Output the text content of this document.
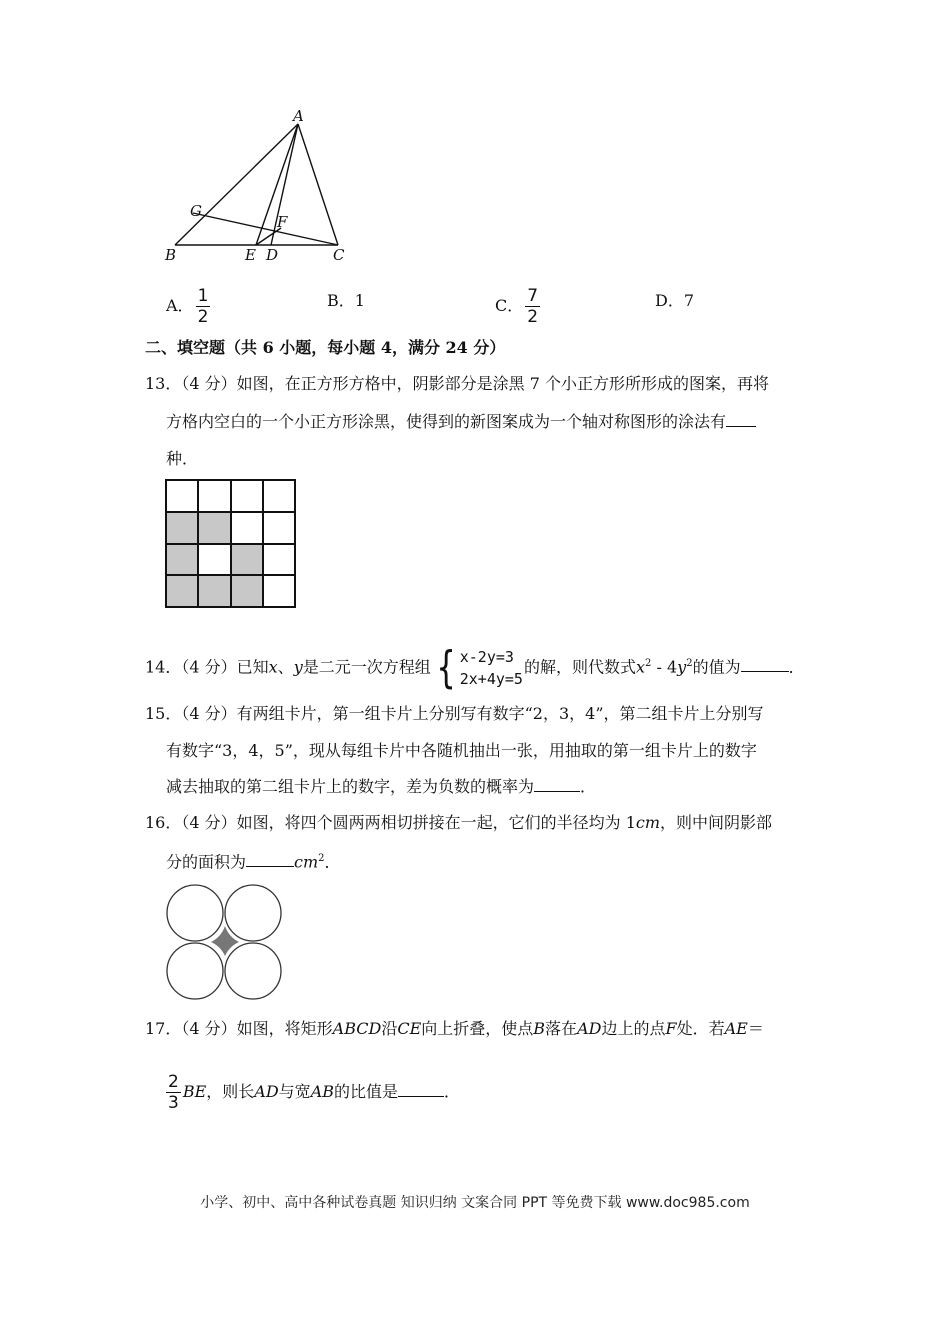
A
G
F
B	E D	C
A． $\frac{1}{2}$	B．1	C． $\frac{7}{2}$	D．7
二、填空题（共 6 小题，每小题 4，满分 24 分）
13．（4 分）如图，在正方形方格中，阴影部分是涂黑 7 个小正方形所形成的图案，再将
方格内空白的一个小正方形涂黑，使得到的新图案成为一个轴对称图形的涂法有
种．
14．（4 分）已知x、y是二元一次方程组 { x-2y=3
2x+4y=5
的解，则代数式$x^2 - 4y^2$的值为	．
15．（4 分）有两组卡片，第一组卡片上分别写有数字“2，3，4”，第二组卡片上分别写
有数字“3，4，5”，现从每组卡片中各随机抽出一张，用抽取的第一组卡片上的数字
减去抽取的第二组卡片上的数字，差为负数的概率为	．
16．（4 分）如图，将四个圆两两相切拼接在一起，它们的半径均为 1cm，则中间阴影部
分的面积为	$cm^2$．
17．（4 分）如图，将矩形ABCD沿CE向上折叠，使点B落在AD边上的点F处．若AE＝
$\frac{2}{3}$ BE，则长AD与宽AB的比值是	．
小学、初中、高中各种试卷真题 知识归纳 文案合同 PPT 等免费下载 www.doc985.com
